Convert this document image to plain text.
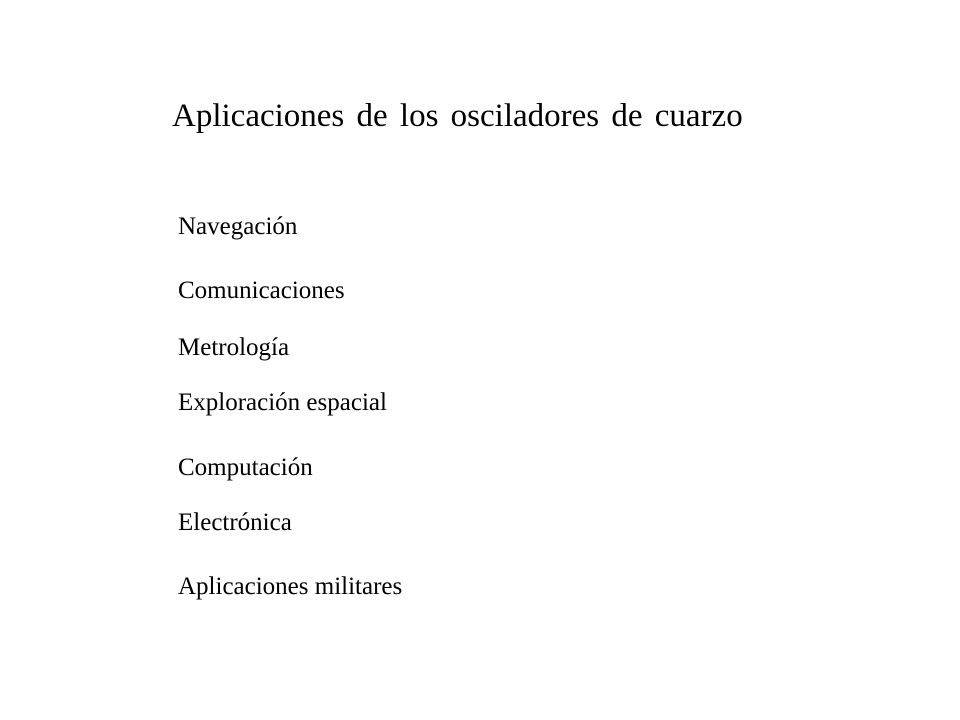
Aplicaciones de los osciladores de cuarzo
Navegación
Comunicaciones
Metrología
Exploración espacial
Computación
Electrónica
Aplicaciones militares
